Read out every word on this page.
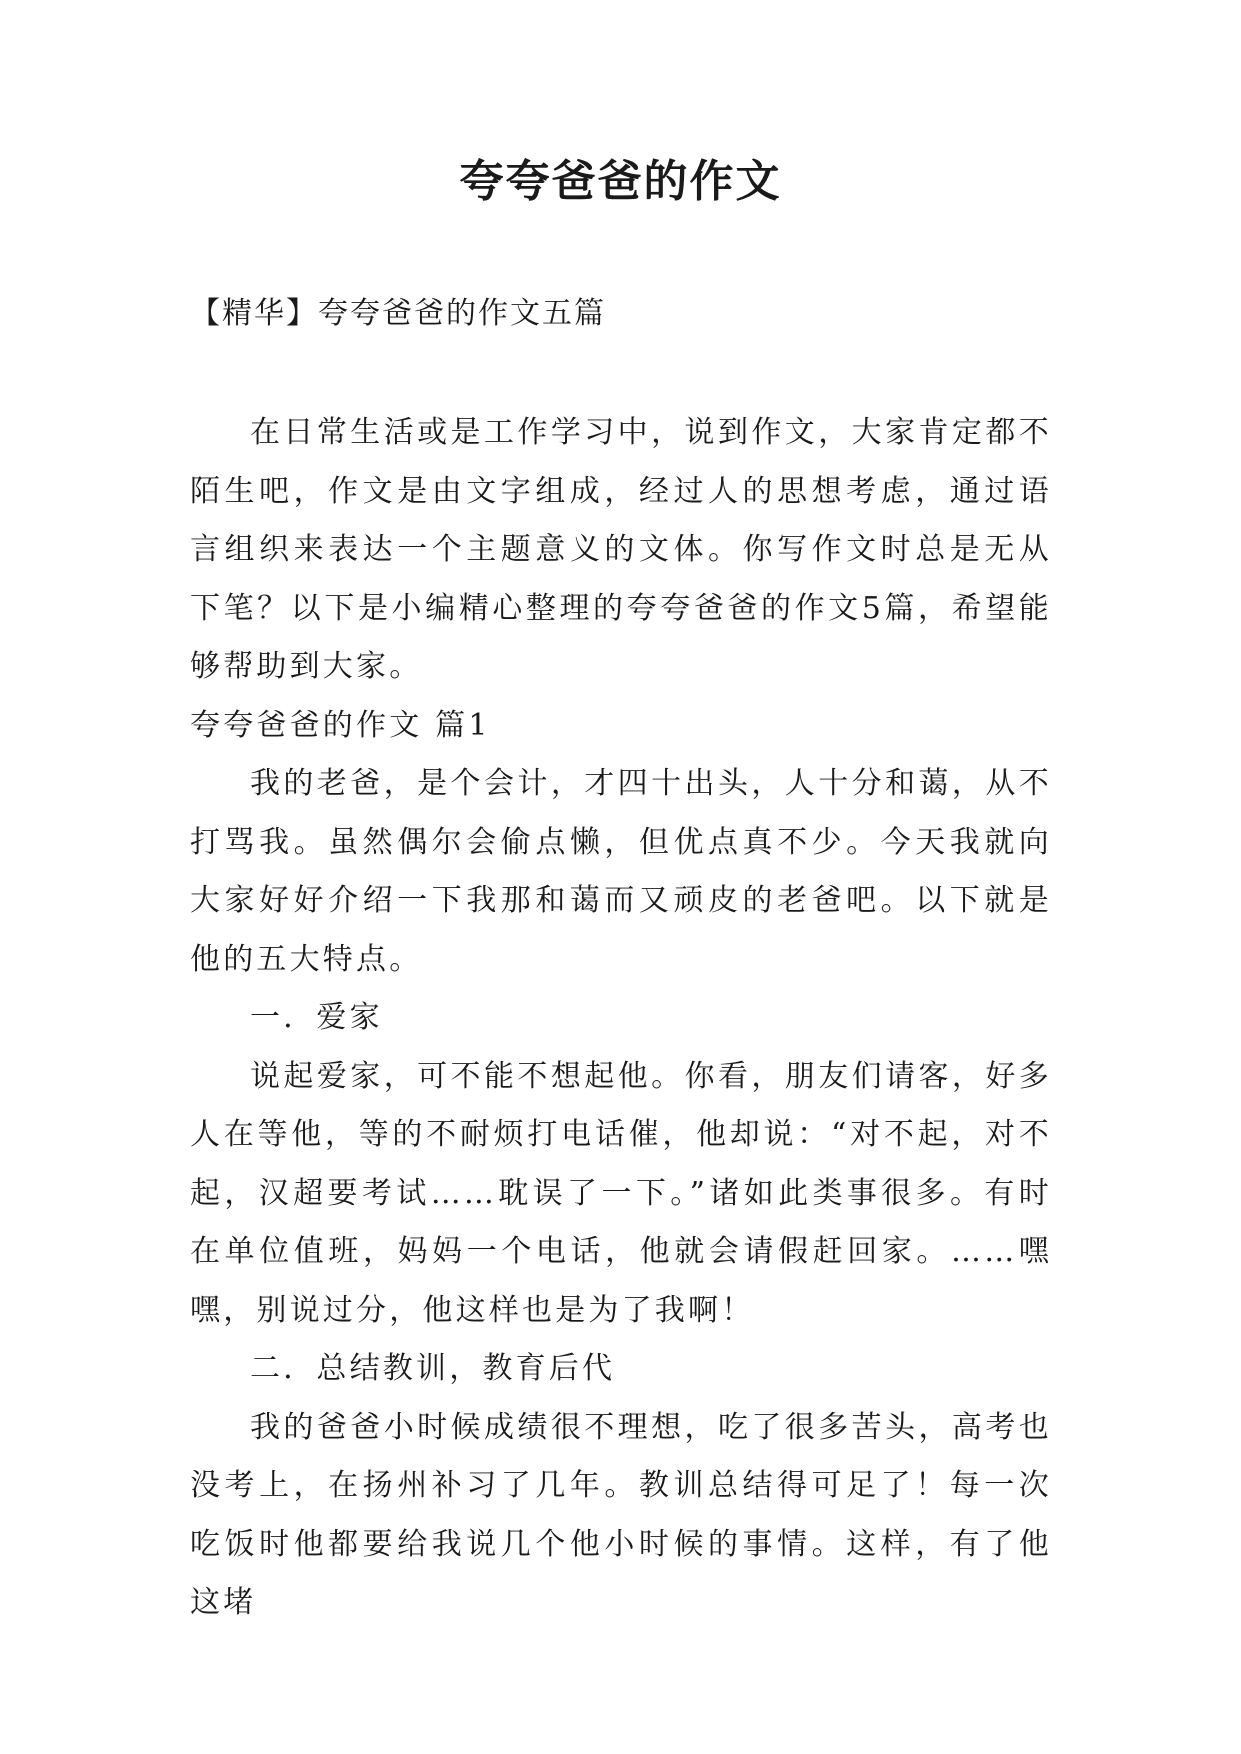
夸夸爸爸的作文

【精华】夸夸爸爸的作文五篇

在日常生活或是工作学习中，说到作文，大家肯定都不陌生吧，作文是由文字组成，经过人的思想考虑，通过语言组织来表达一个主题意义的文体。你写作文时总是无从下笔？以下是小编精心整理的夸夸爸爸的作文5篇，希望能够帮助到大家。

夸夸爸爸的作文 篇1

我的老爸，是个会计，才四十出头，人十分和蔼，从不打骂我。虽然偶尔会偷点懒，但优点真不少。今天我就向大家好好介绍一下我那和蔼而又顽皮的老爸吧。以下就是他的五大特点。

一．爱家

说起爱家，可不能不想起他。你看，朋友们请客，好多人在等他，等的不耐烦打电话催，他却说：“对不起，对不起，汉超要考试……耽误了一下。”诸如此类事很多。有时在单位值班，妈妈一个电话，他就会请假赶回家。……嘿嘿，别说过分，他这样也是为了我啊！

二．总结教训，教育后代

我的爸爸小时候成绩很不理想，吃了很多苦头，高考也没考上，在扬州补习了几年。教训总结得可足了！每一次吃饭时他都要给我说几个他小时候的事情。这样，有了他这堵
